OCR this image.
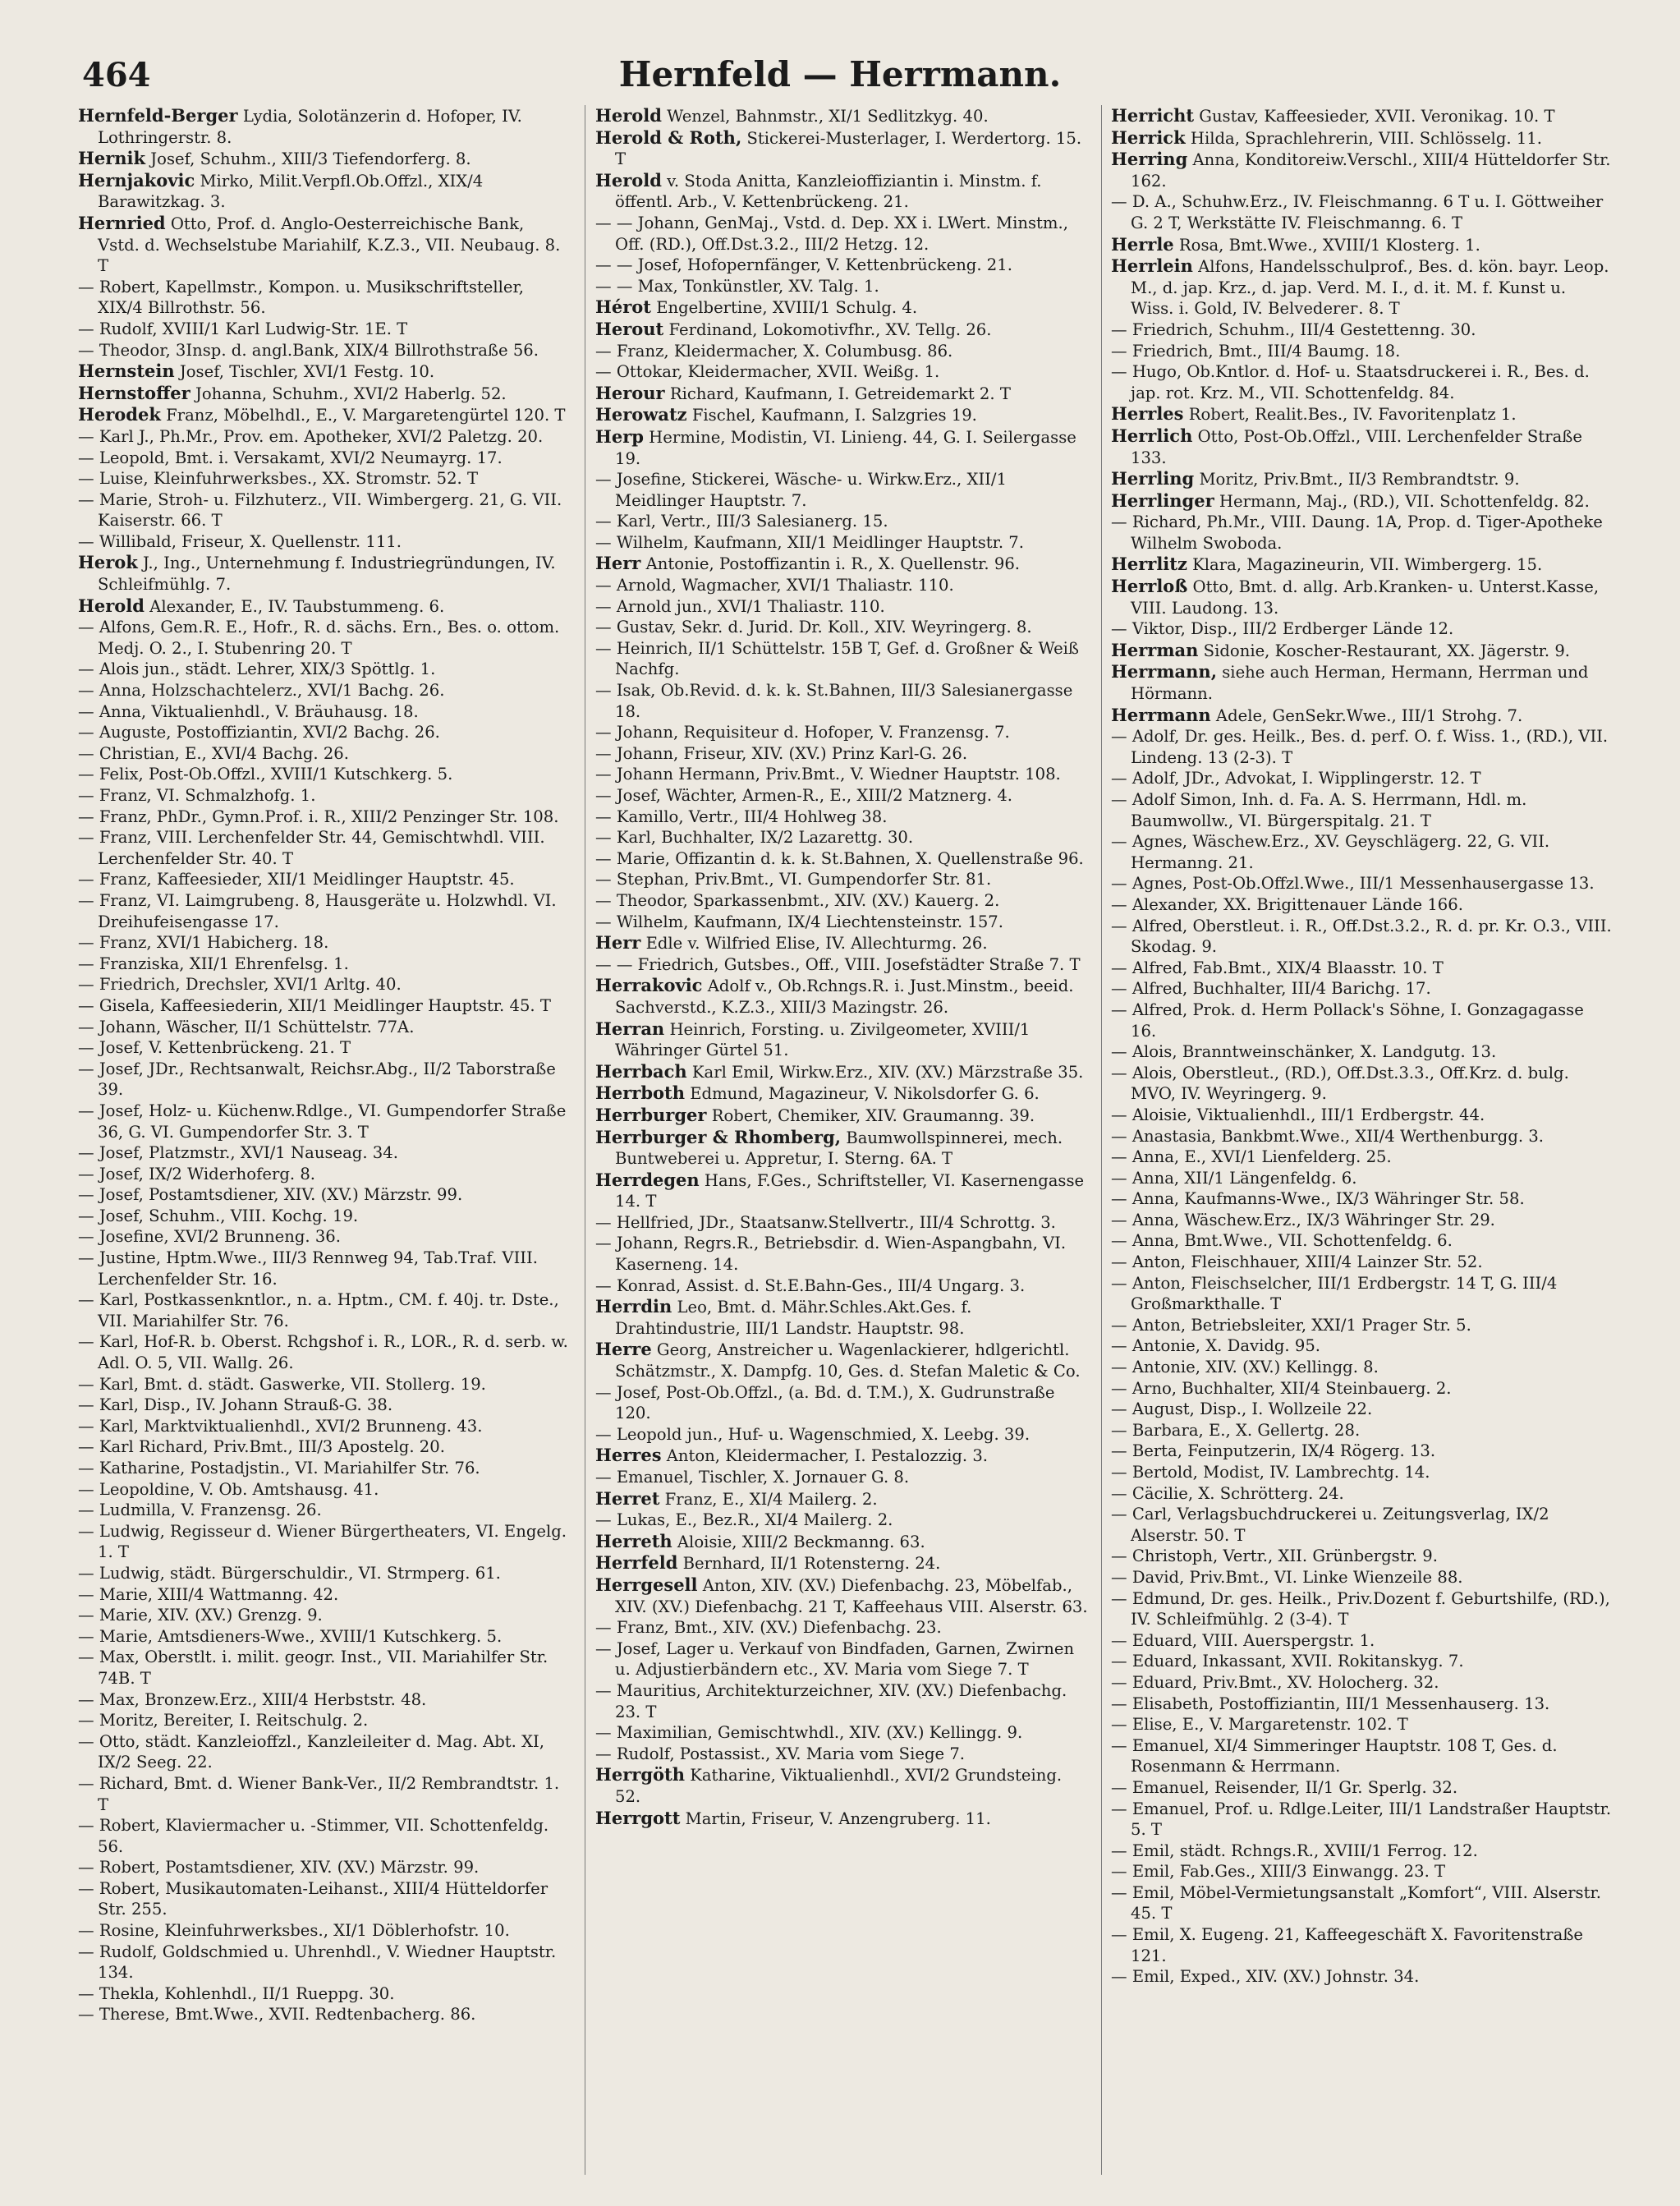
464	Hernfeld — Herrmann.

Hernfeld-Berger Lydia, Solotänzerin d. Hofoper, IV. Lothringerstr. 8.

Hernik Josef, Schuhm., XIII/3 Tiefendorferg. 8.

Hernjakovic Mirko, Milit.Verpfl.Ob.Offzl., XIX/4 Barawitzkag. 3.

Hernried Otto, Prof. d. Anglo-Oesterreichische Bank, Vstd. d. Wechselstube Mariahilf, K.Z.3., VII. Neubaug. 8. T

— Robert, Kapellmstr., Kompon. u. Musikschriftsteller, XIX/4 Billrothstr. 56.

— Rudolf, XVIII/1 Karl Ludwig-Str. 1E. T

— Theodor, 3Insp. d. angl.Bank, XIX/4 Billrothstraße 56.

Hernstein Josef, Tischler, XVI/1 Festg. 10.

Hernstoffer Johanna, Schuhm., XVI/2 Haberlg. 52.

Herodek Franz, Möbelhdl., E., V. Margaretengürtel 120. T

— Karl J., Ph.Mr., Prov. em. Apotheker, XVI/2 Paletzg. 20.

— Leopold, Bmt. i. Versakamt, XVI/2 Neumayrg. 17.

— Luise, Kleinfuhrwerksbes., XX. Stromstr. 52. T

— Marie, Stroh- u. Filzhuterz., VII. Wimbergerg. 21, G. VII. Kaiserstr. 66. T

— Willibald, Friseur, X. Quellenstr. 111.

Herok J., Ing., Unternehmung f. Industriegründungen, IV. Schleifmühlg. 7.

Herold Alexander, E., IV. Taubstummeng. 6.

— Alfons, Gem.R. E., Hofr., R. d. sächs. Ern., Bes. o. ottom. Medj. O. 2., I. Stubenring 20. T

— Alois jun., städt. Lehrer, XIX/3 Spöttlg. 1.

— Anna, Holzschachtelerz., XVI/1 Bachg. 26.

— Anna, Viktualienhdl., V. Bräuhausg. 18.

— Auguste, Postoffiziantin, XVI/2 Bachg. 26.

— Christian, E., XVI/4 Bachg. 26.

— Felix, Post-Ob.Offzl., XVIII/1 Kutschkerg. 5.

— Franz, VI. Schmalzhofg. 1.

— Franz, PhDr., Gymn.Prof. i. R., XIII/2 Penzinger Str. 108.

— Franz, VIII. Lerchenfelder Str. 44, Gemischtwhdl. VIII. Lerchenfelder Str. 40. T

— Franz, Kaffeesieder, XII/1 Meidlinger Hauptstr. 45.

— Franz, VI. Laimgrubeng. 8, Hausgeräte u. Holzwhdl. VI. Dreihufeisengasse 17.

— Franz, XVI/1 Habicherg. 18.

— Franziska, XII/1 Ehrenfelsg. 1.

— Friedrich, Drechsler, XVI/1 Arltg. 40.

— Gisela, Kaffeesiederin, XII/1 Meidlinger Hauptstr. 45. T

— Johann, Wäscher, II/1 Schüttelstr. 77A.

— Josef, V. Kettenbrückeng. 21. T

— Josef, JDr., Rechtsanwalt, Reichsr.Abg., II/2 Taborstraße 39.

— Josef, Holz- u. Küchenw.Rdlge., VI. Gumpendorfer Straße 36, G. VI. Gumpendorfer Str. 3. T

— Josef, Platzmstr., XVI/1 Nauseag. 34.

— Josef, IX/2 Widerhoferg. 8.

— Josef, Postamtsdiener, XIV. (XV.) Märzstr. 99.

— Josef, Schuhm., VIII. Kochg. 19.

— Josefine, XVI/2 Brunneng. 36.

— Justine, Hptm.Wwe., III/3 Rennweg 94, Tab.Traf. VIII. Lerchenfelder Str. 16.

— Karl, Postkassenkntlor., n. a. Hptm., CM. f. 40j. tr. Dste., VII. Mariahilfer Str. 76.

— Karl, Hof-R. b. Oberst. Rchgshof i. R., LOR., R. d. serb. w. Adl. O. 5, VII. Wallg. 26.

— Karl, Bmt. d. städt. Gaswerke, VII. Stollerg. 19.

— Karl, Disp., IV. Johann Strauß-G. 38.

— Karl, Marktviktualienhdl., XVI/2 Brunneng. 43.

— Karl Richard, Priv.Bmt., III/3 Apostelg. 20.

— Katharine, Postadjstin., VI. Mariahilfer Str. 76.

— Leopoldine, V. Ob. Amtshausg. 41.

— Ludmilla, V. Franzensg. 26.

— Ludwig, Regisseur d. Wiener Bürgertheaters, VI. Engelg. 1. T

— Ludwig, städt. Bürgerschuldir., VI. Strmperg. 61.

— Marie, XIII/4 Wattmanng. 42.

— Marie, XIV. (XV.) Grenzg. 9.

— Marie, Amtsdieners-Wwe., XVIII/1 Kutschkerg. 5.

— Max, Oberstlt. i. milit. geogr. Inst., VII. Mariahilfer Str. 74B. T

— Max, Bronzew.Erz., XIII/4 Herbststr. 48.

— Moritz, Bereiter, I. Reitschulg. 2.

— Otto, städt. Kanzleioffzl., Kanzleileiter d. Mag. Abt. XI, IX/2 Seeg. 22.

— Richard, Bmt. d. Wiener Bank-Ver., II/2 Rembrandtstr. 1. T

— Robert, Klaviermacher u. -Stimmer, VII. Schottenfeldg. 56.

— Robert, Postamtsdiener, XIV. (XV.) Märzstr. 99.

— Robert, Musikautomaten-Leihanst., XIII/4 Hütteldorfer Str. 255.

— Rosine, Kleinfuhrwerksbes., XI/1 Döblerhofstr. 10.

— Rudolf, Goldschmied u. Uhrenhdl., V. Wiedner Hauptstr. 134.

— Thekla, Kohlenhdl., II/1 Rueppg. 30.

— Therese, Bmt.Wwe., XVII. Redtenbacherg. 86.

Herold Wenzel, Bahnmstr., XI/1 Sedlitzkyg. 40.

Herold & Roth, Stickerei-Musterlager, I. Werdertorg. 15. T

Herold v. Stoda Anitta, Kanzleioffiziantin i. Minstm. f. öffentl. Arb., V. Kettenbrückeng. 21.

— — Johann, GenMaj., Vstd. d. Dep. XX i. LWert. Minstm., Off. (RD.), Off.Dst.3.2., III/2 Hetzg. 12.

— — Josef, Hofopernfänger, V. Kettenbrückeng. 21.

— — Max, Tonkünstler, XV. Talg. 1.

Hérot Engelbertine, XVIII/1 Schulg. 4.

Herout Ferdinand, Lokomotivfhr., XV. Tellg. 26.

— Franz, Kleidermacher, X. Columbusg. 86.

— Ottokar, Kleidermacher, XVII. Weißg. 1.

Herour Richard, Kaufmann, I. Getreidemarkt 2. T

Herowatz Fischel, Kaufmann, I. Salzgries 19.

Herp Hermine, Modistin, VI. Linieng. 44, G. I. Seilergasse 19.

— Josefine, Stickerei, Wäsche- u. Wirkw.Erz., XII/1 Meidlinger Hauptstr. 7.

— Karl, Vertr., III/3 Salesianerg. 15.

— Wilhelm, Kaufmann, XII/1 Meidlinger Hauptstr. 7.

Herr Antonie, Postoffizantin i. R., X. Quellenstr. 96.

— Arnold, Wagmacher, XVI/1 Thaliastr. 110.

— Arnold jun., XVI/1 Thaliastr. 110.

— Gustav, Sekr. d. Jurid. Dr. Koll., XIV. Weyringerg. 8.

— Heinrich, II/1 Schüttelstr. 15B T, Gef. d. Großner & Weiß Nachfg.

— Isak, Ob.Revid. d. k. k. St.Bahnen, III/3 Salesianergasse 18.

— Johann, Requisiteur d. Hofoper, V. Franzensg. 7.

— Johann, Friseur, XIV. (XV.) Prinz Karl-G. 26.

— Johann Hermann, Priv.Bmt., V. Wiedner Hauptstr. 108.

— Josef, Wächter, Armen-R., E., XIII/2 Matznerg. 4.

— Kamillo, Vertr., III/4 Hohlweg 38.

— Karl, Buchhalter, IX/2 Lazarettg. 30.

— Marie, Offizantin d. k. k. St.Bahnen, X. Quellenstraße 96.

— Stephan, Priv.Bmt., VI. Gumpendorfer Str. 81.

— Theodor, Sparkassenbmt., XIV. (XV.) Kauerg. 2.

— Wilhelm, Kaufmann, IX/4 Liechtensteinstr. 157.

Herr Edle v. Wilfried Elise, IV. Allechturmg. 26.

— — Friedrich, Gutsbes., Off., VIII. Josefstädter Straße 7. T

Herrakovic Adolf v., Ob.Rchngs.R. i. Just.Minstm., beeid. Sachverstd., K.Z.3., XIII/3 Mazingstr. 26.

Herran Heinrich, Forsting. u. Zivilgeometer, XVIII/1 Währinger Gürtel 51.

Herrbach Karl Emil, Wirkw.Erz., XIV. (XV.) Märzstraße 35.

Herrboth Edmund, Magazineur, V. Nikolsdorfer G. 6.

Herrburger Robert, Chemiker, XIV. Graumanng. 39.

Herrburger & Rhomberg, Baumwollspinnerei, mech. Buntweberei u. Appretur, I. Sterng. 6A. T

Herrdegen Hans, F.Ges., Schriftsteller, VI. Kasernengasse 14. T

— Hellfried, JDr., Staatsanw.Stellvertr., III/4 Schrottg. 3.

— Johann, Regrs.R., Betriebsdir. d. Wien-Aspangbahn, VI. Kaserneng. 14.

— Konrad, Assist. d. St.E.Bahn-Ges., III/4 Ungarg. 3.

Herrdin Leo, Bmt. d. Mähr.Schles.Akt.Ges. f. Drahtindustrie, III/1 Landstr. Hauptstr. 98.

Herre Georg, Anstreicher u. Wagenlackierer, hdlgerichtl. Schätzmstr., X. Dampfg. 10, Ges. d. Stefan Maletic & Co.

— Josef, Post-Ob.Offzl., (a. Bd. d. T.M.), X. Gudrunstraße 120.

— Leopold jun., Huf- u. Wagenschmied, X. Leebg. 39.

Herres Anton, Kleidermacher, I. Pestalozzig. 3.

— Emanuel, Tischler, X. Jornauer G. 8.

Herret Franz, E., XI/4 Mailerg. 2.

— Lukas, E., Bez.R., XI/4 Mailerg. 2.

Herreth Aloisie, XIII/2 Beckmanng. 63.

Herrfeld Bernhard, II/1 Rotensterng. 24.

Herrgesell Anton, XIV. (XV.) Diefenbachg. 23, Möbelfab., XIV. (XV.) Diefenbachg. 21 T, Kaffeehaus VIII. Alserstr. 63.

— Franz, Bmt., XIV. (XV.) Diefenbachg. 23.

— Josef, Lager u. Verkauf von Bindfaden, Garnen, Zwirnen u. Adjustierbändern etc., XV. Maria vom Siege 7. T

— Mauritius, Architekturzeichner, XIV. (XV.) Diefenbachg. 23. T

— Maximilian, Gemischtwhdl., XIV. (XV.) Kellingg. 9.

— Rudolf, Postassist., XV. Maria vom Siege 7.

Herrgöth Katharine, Viktualienhdl., XVI/2 Grundsteing. 52.

Herrgott Martin, Friseur, V. Anzengruberg. 11.

Herricht Gustav, Kaffeesieder, XVII. Veronikag. 10. T

Herrick Hilda, Sprachlehrerin, VIII. Schlösselg. 11.

Herring Anna, Konditoreiw.Verschl., XIII/4 Hütteldorfer Str. 162.

— D. A., Schuhw.Erz., IV. Fleischmanng. 6 T u. I. Göttweiher G. 2 T, Werkstätte IV. Fleischmanng. 6. T

Herrle Rosa, Bmt.Wwe., XVIII/1 Klosterg. 1.

Herrlein Alfons, Handelsschulprof., Bes. d. kön. bayr. Leop. M., d. jap. Krz., d. jap. Verd. M. I., d. it. M. f. Kunst u. Wiss. i. Gold, IV. Belvederег. 8. T

— Friedrich, Schuhm., III/4 Gestettenng. 30.

— Friedrich, Bmt., III/4 Baumg. 18.

— Hugo, Ob.Kntlor. d. Hof- u. Staatsdruckerei i. R., Bes. d. jap. rot. Krz. M., VII. Schottenfeldg. 84.

Herrles Robert, Realit.Bes., IV. Favoritenplatz 1.

Herrlich Otto, Post-Ob.Offzl., VIII. Lerchenfelder Straße 133.

Herrling Moritz, Priv.Bmt., II/3 Rembrandtstr. 9.

Herrlinger Hermann, Maj., (RD.), VII. Schottenfeldg. 82.

— Richard, Ph.Mr., VIII. Daung. 1A, Prop. d. Tiger-Apotheke Wilhelm Swoboda.

Herrlitz Klara, Magazineurin, VII. Wimbergerg. 15.

Herrloß Otto, Bmt. d. allg. Arb.Kranken- u. Unterst.Kasse, VIII. Laudong. 13.

— Viktor, Disp., III/2 Erdberger Lände 12.

Herrman Sidonie, Koscher-Restaurant, XX. Jägerstr. 9.

Herrmann, siehe auch Herman, Hermann, Herrman und Hörmann.

Herrmann Adele, GenSekr.Wwe., III/1 Strohg. 7.

— Adolf, Dr. ges. Heilk., Bes. d. perf. O. f. Wiss. 1., (RD.), VII. Lindeng. 13 (2-3). T

— Adolf, JDr., Advokat, I. Wipplingerstr. 12. T

— Adolf Simon, Inh. d. Fa. A. S. Herrmann, Hdl. m. Baumwollw., VI. Bürgerspitalg. 21. T

— Agnes, Wäschew.Erz., XV. Geyschlägerg. 22, G. VII. Hermanng. 21.

— Agnes, Post-Ob.Offzl.Wwe., III/1 Messenhausergasse 13.

— Alexander, XX. Brigittenauer Lände 166.

— Alfred, Oberstleut. i. R., Off.Dst.3.2., R. d. pr. Kr. O.3., VIII. Skodag. 9.

— Alfred, Fab.Bmt., XIX/4 Blaasstr. 10. T

— Alfred, Buchhalter, III/4 Barichg. 17.

— Alfred, Prok. d. Herm Pollack's Söhne, I. Gonzagagasse 16.

— Alois, Branntweinschänker, X. Landgutg. 13.

— Alois, Oberstleut., (RD.), Off.Dst.3.3., Off.Krz. d. bulg. MVO, IV. Weyringerg. 9.

— Aloisie, Viktualienhdl., III/1 Erdbergstr. 44.

— Anastasia, Bankbmt.Wwe., XII/4 Werthenburgg. 3.

— Anna, E., XVI/1 Lienfelderg. 25.

— Anna, XII/1 Längenfeldg. 6.

— Anna, Kaufmanns-Wwe., IX/3 Währinger Str. 58.

— Anna, Wäschew.Erz., IX/3 Währinger Str. 29.

— Anna, Bmt.Wwe., VII. Schottenfeldg. 6.

— Anton, Fleischhauer, XIII/4 Lainzer Str. 52.

— Anton, Fleischselcher, III/1 Erdbergstr. 14 T, G. III/4 Großmarkthalle. T

— Anton, Betriebsleiter, XXI/1 Prager Str. 5.

— Antonie, X. Davidg. 95.

— Antonie, XIV. (XV.) Kellingg. 8.

— Arno, Buchhalter, XII/4 Steinbauerg. 2.

— August, Disp., I. Wollzeile 22.

— Barbara, E., X. Gellertg. 28.

— Berta, Feinputzerin, IX/4 Rögerg. 13.

— Bertold, Modist, IV. Lambrechtg. 14.

— Cäcilie, X. Schrötterg. 24.

— Carl, Verlagsbuchdruckerei u. Zeitungsverlag, IX/2 Alserstr. 50. T

— Christoph, Vertr., XII. Grünbergstr. 9.

— David, Priv.Bmt., VI. Linke Wienzeile 88.

— Edmund, Dr. ges. Heilk., Priv.Dozent f. Geburtshilfe, (RD.), IV. Schleifmühlg. 2 (3-4). T

— Eduard, VIII. Auerspergstr. 1.

— Eduard, Inkassant, XVII. Rokitanskyg. 7.

— Eduard, Priv.Bmt., XV. Holocherg. 32.

— Elisabeth, Postoffiziantin, III/1 Messenhauserg. 13.

— Elise, E., V. Margaretenstr. 102. T

— Emanuel, XI/4 Simmeringer Hauptstr. 108 T, Ges. d. Rosenmann & Herrmann.

— Emanuel, Reisender, II/1 Gr. Sperlg. 32.

— Emanuel, Prof. u. Rdlge.Leiter, III/1 Landstraßer Hauptstr. 5. T

— Emil, städt. Rchngs.R., XVIII/1 Ferrog. 12.

— Emil, Fab.Ges., XIII/3 Einwangg. 23. T

— Emil, Möbel-Vermietungsanstalt „Komfort“, VIII. Alserstr. 45. T

— Emil, X. Eugeng. 21, Kaffeegeschäft X. Favoritenstraße 121.

— Emil, Exped., XIV. (XV.) Johnstr. 34.
